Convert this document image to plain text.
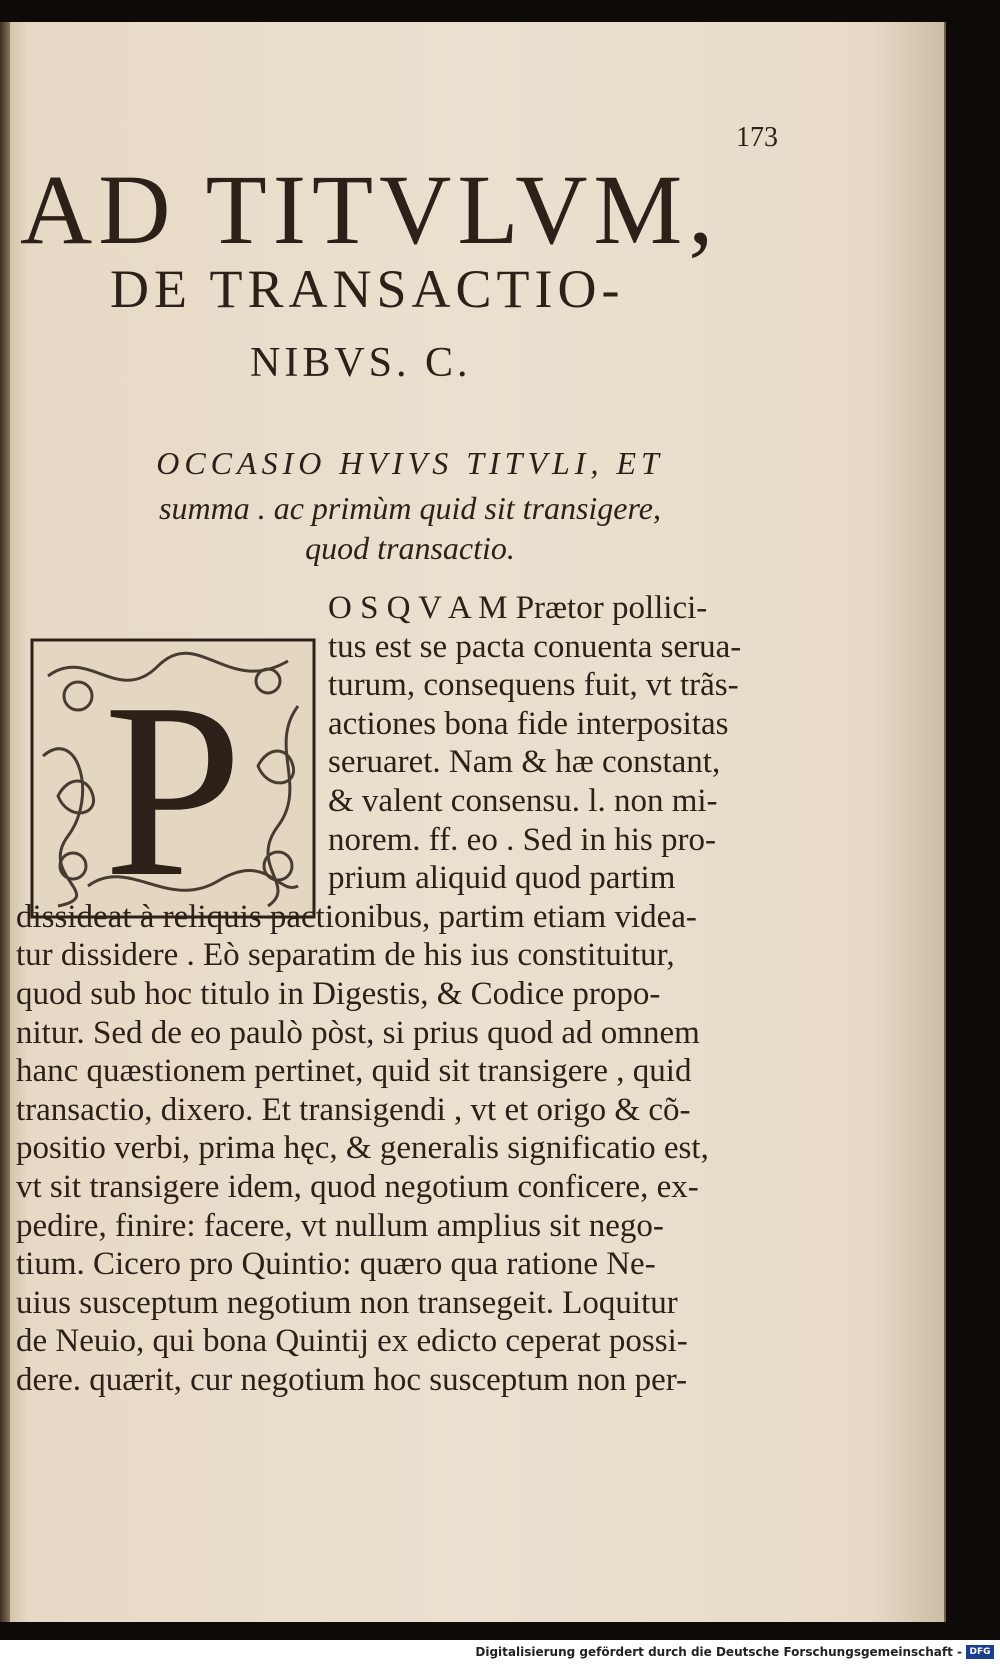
173
AD TITVLVM,
DE TRANSACTIO-
NIBVS. C.
OCCASIO HVIVS TITVLI, ET
summa . ac primùm quid sit transigere,
quod transactio.
P
O S Q V A M Prætor pollici-
tus est se pacta conuenta serua-
turum, consequens fuit, vt trãs-
actiones bona fide interpositas
seruaret. Nam & hæ constant,
& valent consensu. l. non mi-
norem. ff. eo . Sed in his pro-
prium aliquid quod partim
dissideat à reliquis pactionibus, partim etiam videa-
tur dissidere . Eò separatim de his ius constituitur,
quod sub hoc titulo in Digestis, & Codice propo-
nitur. Sed de eo paulò pòst, si prius quod ad omnem
hanc quæstionem pertinet, quid sit transigere , quid
transactio, dixero. Et transigendi , vt et origo & cõ-
positio verbi, prima hęc, & generalis significatio est,
vt sit transigere idem, quod negotium conficere, ex-
pedire, finire: facere, vt nullum amplius sit nego-
tium. Cicero pro Quintio: quæro qua ratione Ne-
uius susceptum negotium non transegeit. Loquitur
de Neuio, qui bona Quintij ex edicto ceperat possi-
dere. quærit, cur negotium hoc susceptum non per-
Digitalisierung gefördert durch die Deutsche Forschungsgemeinschaft - DFG
